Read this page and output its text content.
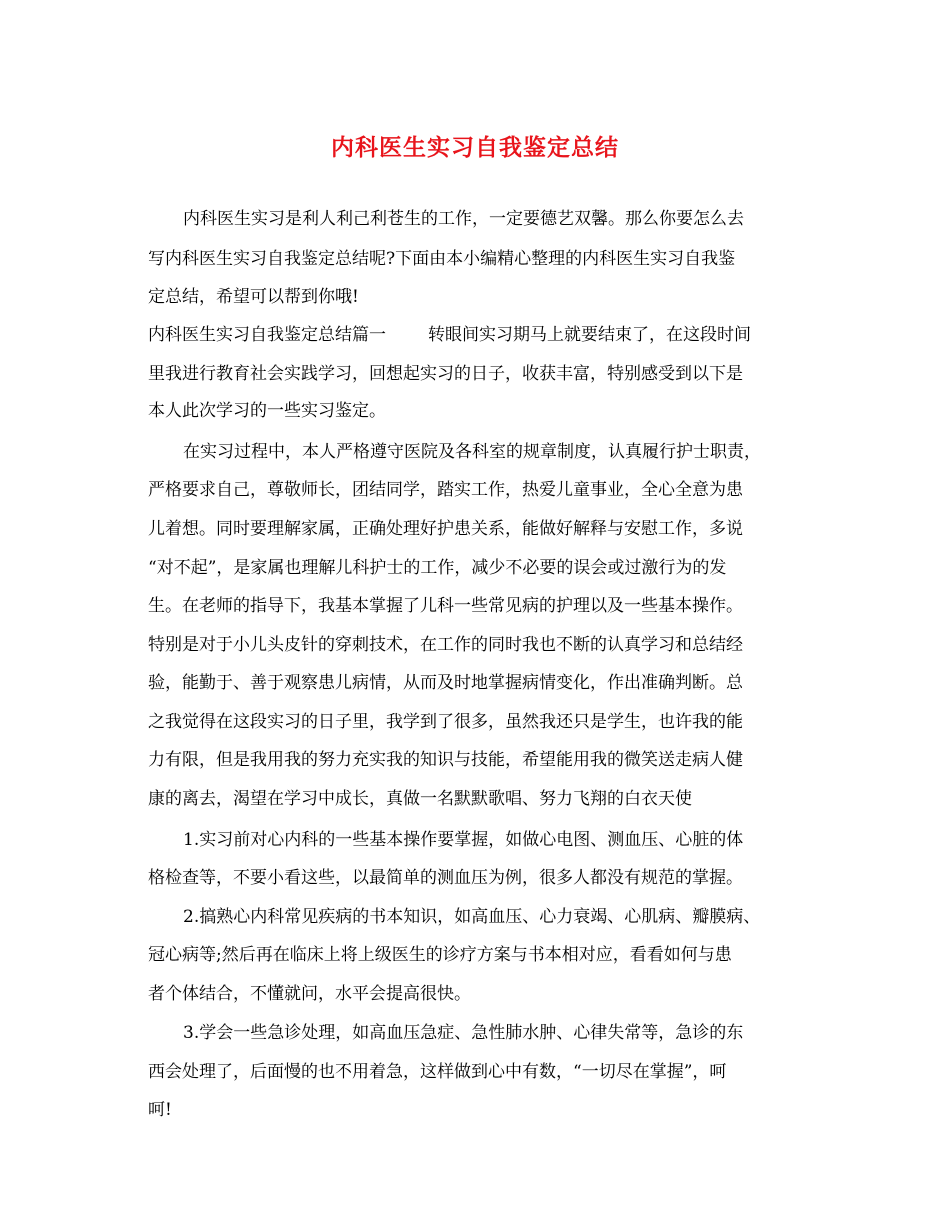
内科医生实习自我鉴定总结

内科医生实习是利人利己利苍生的工作，一定要德艺双馨。那么你要怎么去

写内科医生实习自我鉴定总结呢?下面由本小编精心整理的内科医生实习自我鉴

定总结，希望可以帮到你哦!

内科医生实习自我鉴定总结篇一 转眼间实习期马上就要结束了，在这段时间

里我进行教育社会实践学习，回想起实习的日子，收获丰富，特别感受到以下是

本人此次学习的一些实习鉴定。

在实习过程中，本人严格遵守医院及各科室的规章制度，认真履行护士职责，

严格要求自己，尊敬师长，团结同学，踏实工作，热爱儿童事业，全心全意为患

儿着想。同时要理解家属，正确处理好护患关系，能做好解释与安慰工作，多说

“对不起”，是家属也理解儿科护士的工作，减少不必要的误会或过激行为的发

生。在老师的指导下，我基本掌握了儿科一些常见病的护理以及一些基本操作。

特别是对于小儿头皮针的穿刺技术，在工作的同时我也不断的认真学习和总结经

验，能勤于、善于观察患儿病情，从而及时地掌握病情变化，作出准确判断。总

之我觉得在这段实习的日子里，我学到了很多，虽然我还只是学生，也许我的能

力有限，但是我用我的努力充实我的知识与技能，希望能用我的微笑送走病人健

康的离去，渴望在学习中成长，真做一名默默歌唱、努力飞翔的白衣天使

1.实习前对心内科的一些基本操作要掌握，如做心电图、测血压、心脏的体

格检查等，不要小看这些，以最简单的测血压为例，很多人都没有规范的掌握。

2.搞熟心内科常见疾病的书本知识，如高血压、心力衰竭、心肌病、瓣膜病、

冠心病等;然后再在临床上将上级医生的诊疗方案与书本相对应，看看如何与患

者个体结合，不懂就问，水平会提高很快。

3.学会一些急诊处理，如高血压急症、急性肺水肿、心律失常等，急诊的东

西会处理了，后面慢的也不用着急，这样做到心中有数，“一切尽在掌握”，呵

呵!
